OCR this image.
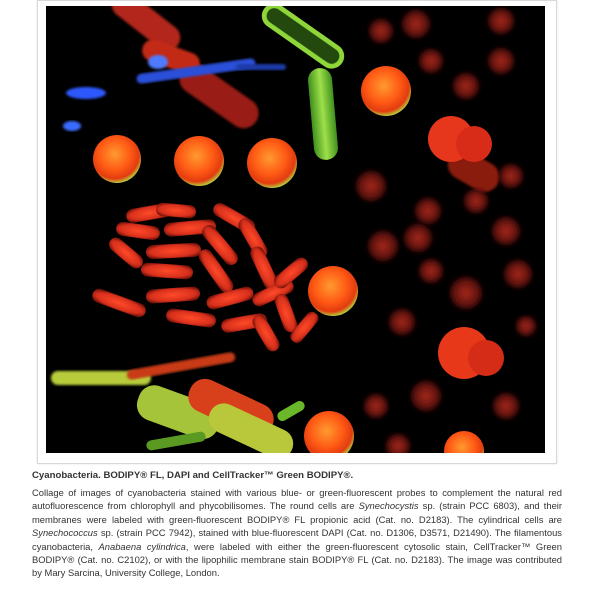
Cyanobacteria. BODIPY® FL, DAPI and CellTracker™ Green BODIPY®.

Collage of images of cyanobacteria stained with various blue- or green-fluorescent probes to complement the natural red autofluorescence from chlorophyll and phycobilisomes. The round cells are Synechocystis sp. (strain PCC 6803), and their membranes were labeled with green-fluorescent BODIPY® FL propionic acid (Cat. no. D2183). The cylindrical cells are Synechococcus sp. (strain PCC 7942), stained with blue-fluorescent DAPI (Cat. no. D1306, D3571, D21490). The filamentous cyanobacteria, Anabaena cylindrica, were labeled with either the green-fluorescent cytosolic stain, CellTracker™ Green BODIPY® (Cat. no. C2102), or with the lipophilic membrane stain BODIPY® FL (Cat. no. D2183). The image was contributed by Mary Sarcina, University College, London.
